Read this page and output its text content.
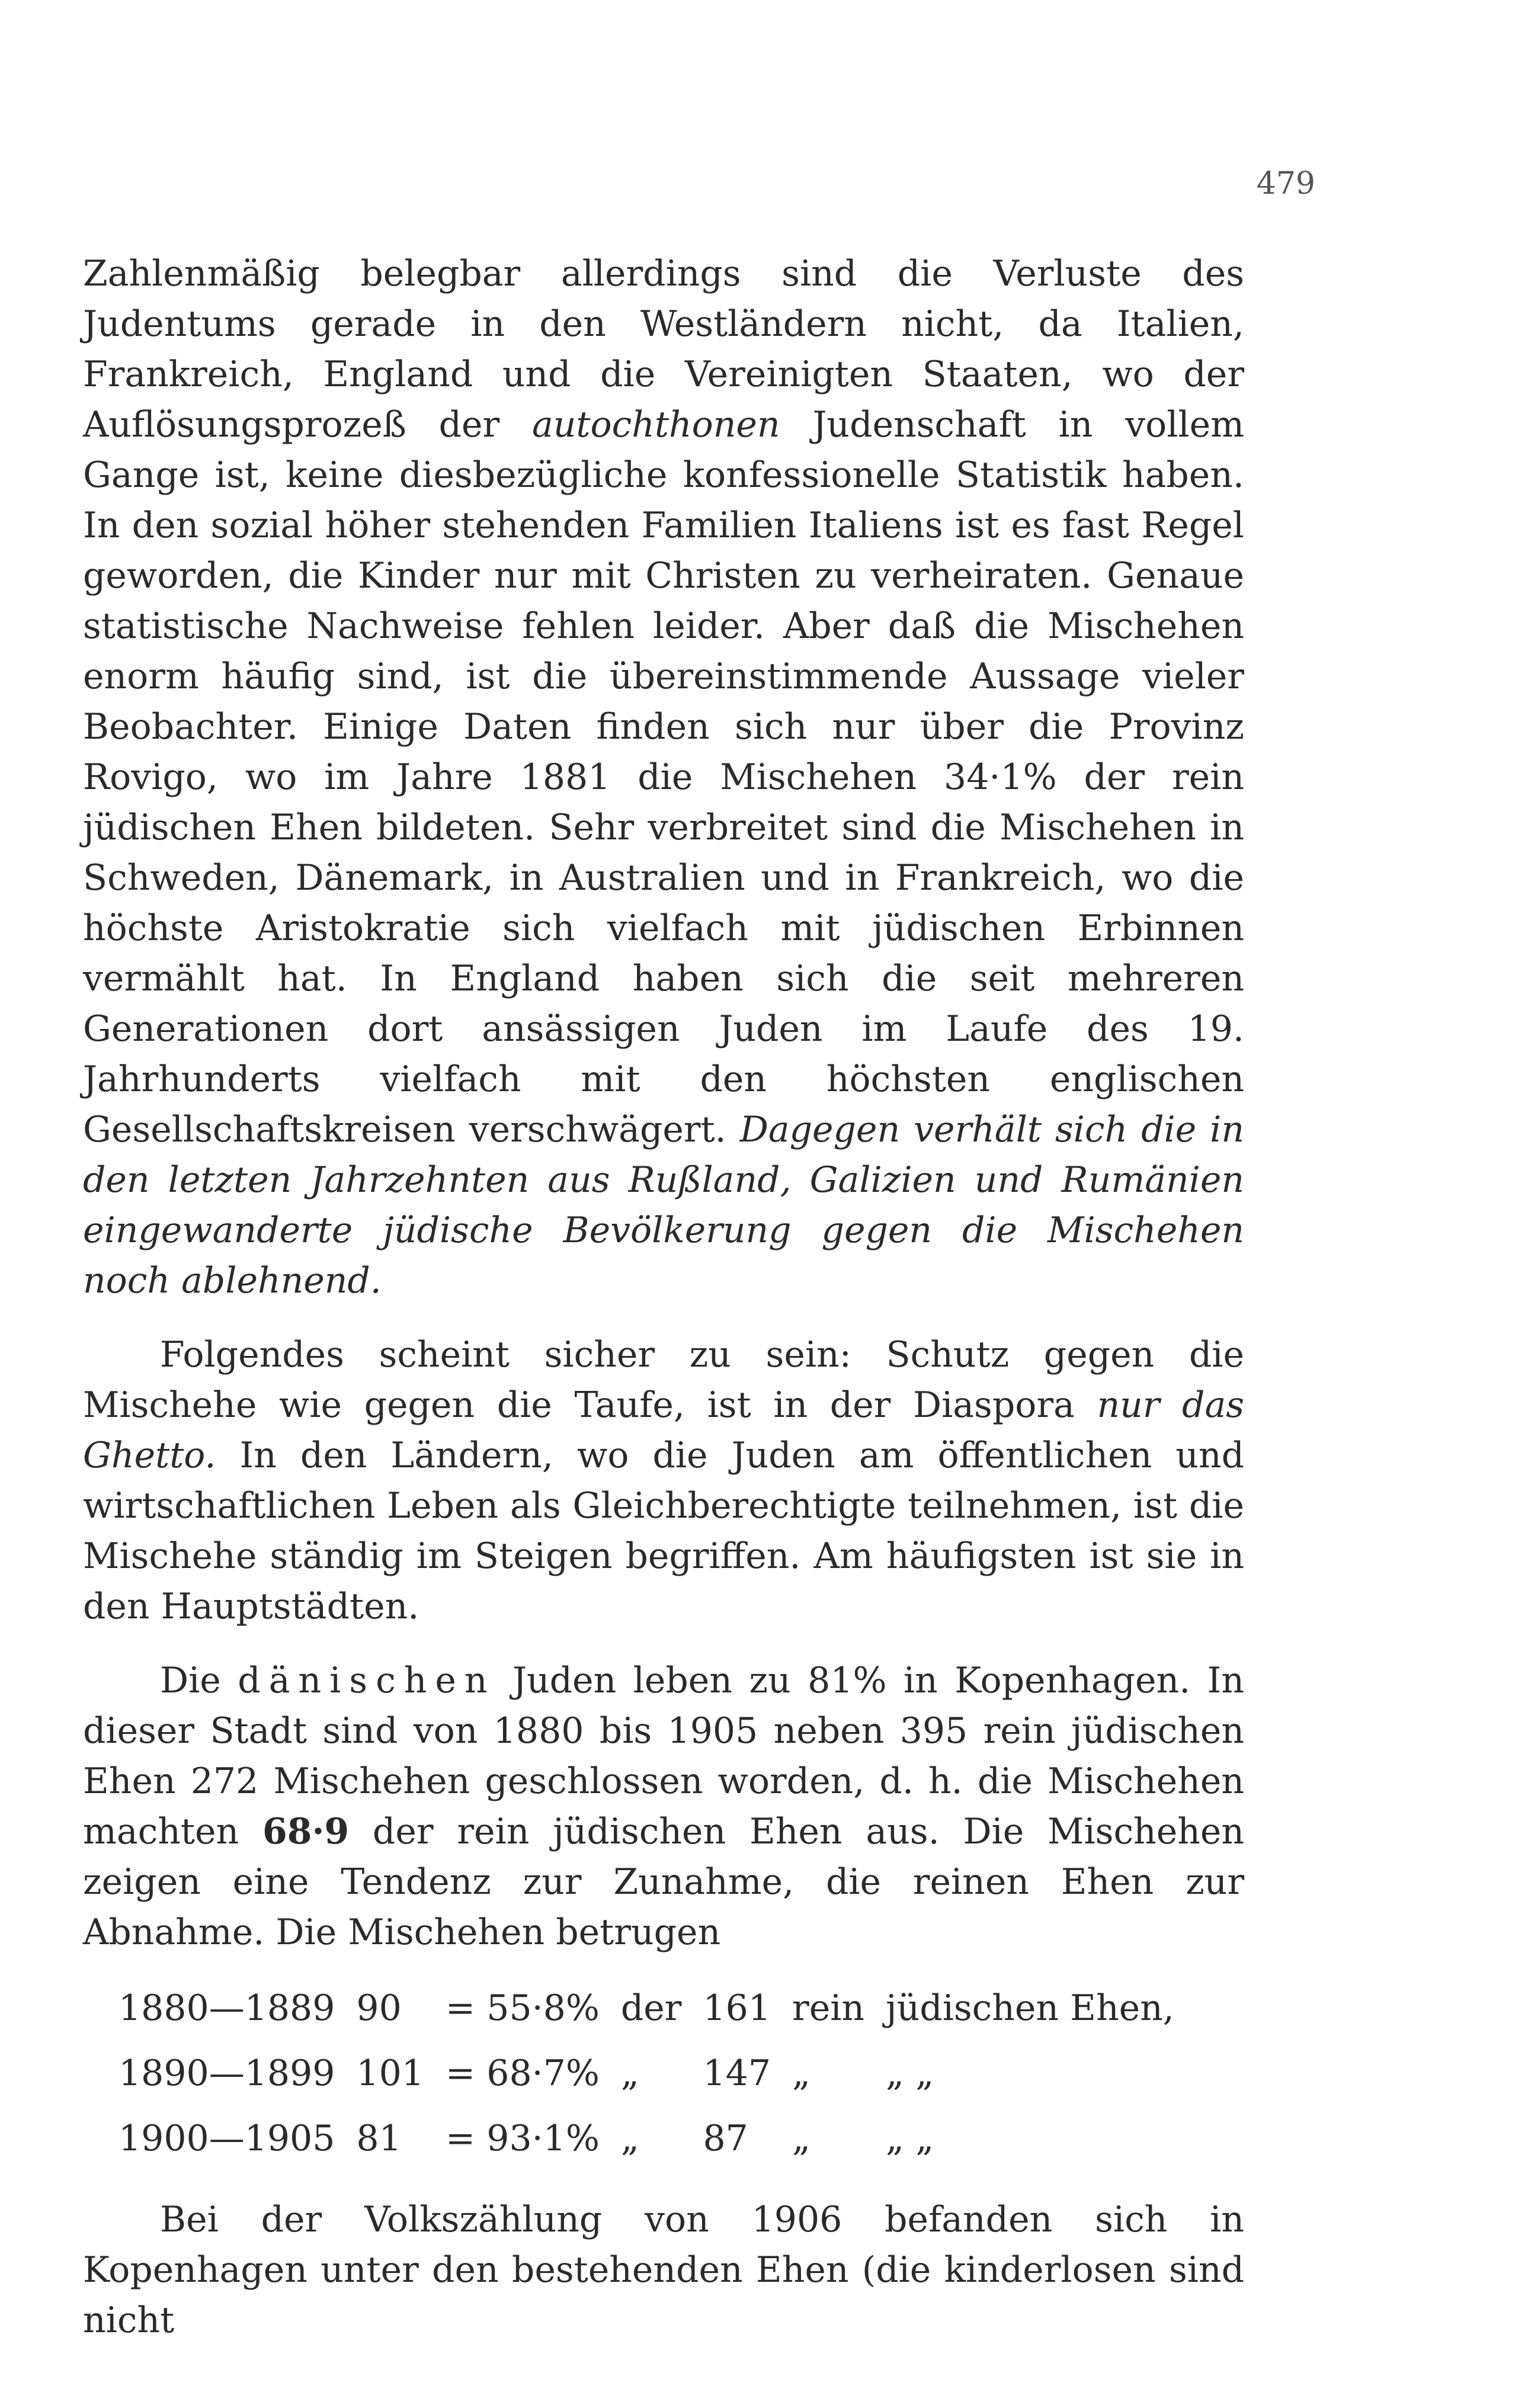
479

Zahlenmäßig belegbar allerdings sind die Verluste des Judentums gerade in den Westländern nicht, da Italien, Frankreich, England und die Vereinigten Staaten, wo der Auflösungsprozeß der autochthonen Judenschaft in vollem Gange ist, keine diesbezügliche konfessionelle Statistik haben. In den sozial höher stehenden Familien Italiens ist es fast Regel geworden, die Kinder nur mit Christen zu verheiraten. Genaue statistische Nachweise fehlen leider. Aber daß die Mischehen enorm häufig sind, ist die übereinstimmende Aussage vieler Beobachter. Einige Daten finden sich nur über die Provinz Rovigo, wo im Jahre 1881 die Mischehen 34·1% der rein jüdischen Ehen bildeten. Sehr verbreitet sind die Mischehen in Schweden, Dänemark, in Australien und in Frankreich, wo die höchste Aristokratie sich vielfach mit jüdischen Erbinnen vermählt hat. In England haben sich die seit mehreren Generationen dort ansässigen Juden im Laufe des 19. Jahrhunderts vielfach mit den höchsten englischen Gesellschaftskreisen verschwägert. Dagegen verhält sich die in den letzten Jahrzehnten aus Rußland, Galizien und Rumänien eingewanderte jüdische Bevölkerung gegen die Mischehen noch ablehnend.

Folgendes scheint sicher zu sein: Schutz gegen die Mischehe wie gegen die Taufe, ist in der Diaspora nur das Ghetto. In den Ländern, wo die Juden am öffentlichen und wirtschaftlichen Leben als Gleichberechtigte teilnehmen, ist die Mischehe ständig im Steigen begriffen. Am häufigsten ist sie in den Hauptstädten.

Die dänischen Juden leben zu 81% in Kopenhagen. In dieser Stadt sind von 1880 bis 1905 neben 395 rein jüdischen Ehen 272 Mischehen geschlossen worden, d. h. die Mischehen machten 68·9 der rein jüdischen Ehen aus. Die Mischehen zeigen eine Tendenz zur Zunahme, die reinen Ehen zur Abnahme. Die Mischehen betrugen

1880—1889	90	= 55·8%	der	161	rein	jüdischen Ehen,
1890—1899	101	= 68·7%	„	147	„	„ „
1900—1905	81	= 93·1%	„	87	„	„ „

Bei der Volkszählung von 1906 befanden sich in Kopenhagen unter den bestehenden Ehen (die kinderlosen sind nicht
